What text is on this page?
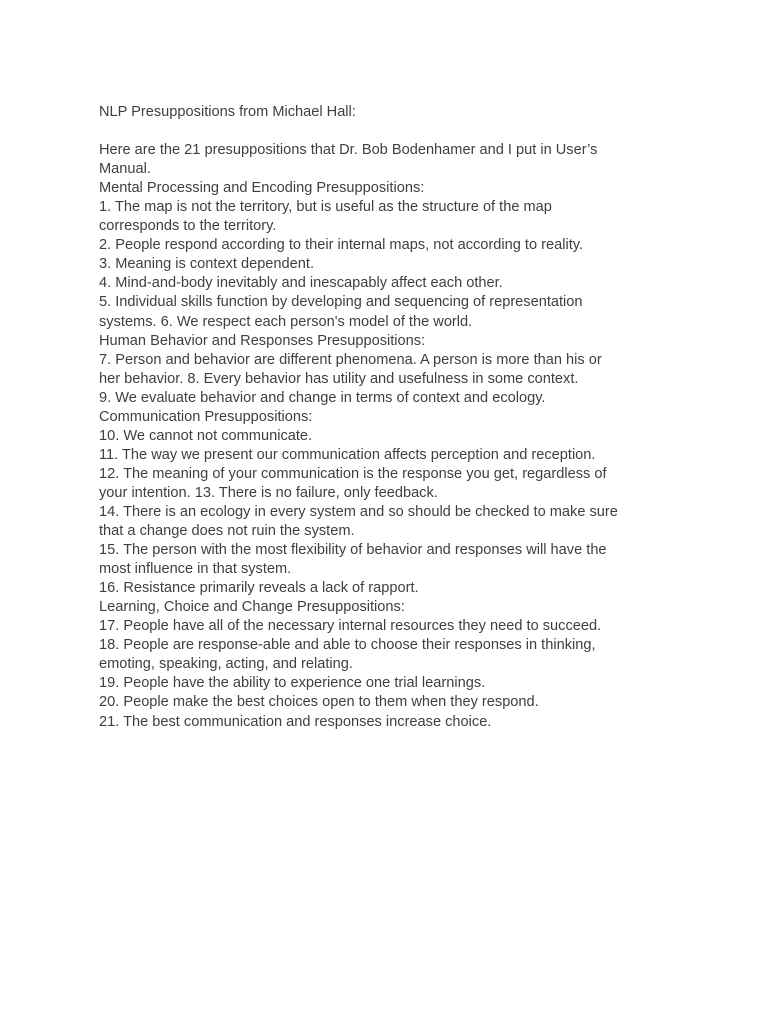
NLP Presuppositions from Michael Hall:
Here are the 21 presuppositions that Dr. Bob Bodenhamer and I put in User’s
Manual.
Mental Processing and Encoding Presuppositions:
1. The map is not the territory, but is useful as the structure of the map
corresponds to the territory.
2. People respond according to their internal maps, not according to reality.
3. Meaning is context dependent.
4. Mind-and-body inevitably and inescapably affect each other.
5. Individual skills function by developing and sequencing of representation
systems. 6. We respect each person's model of the world.
Human Behavior and Responses Presuppositions:
7. Person and behavior are different phenomena. A person is more than his or
her behavior. 8. Every behavior has utility and usefulness in some context.
9. We evaluate behavior and change in terms of context and ecology.
Communication Presuppositions:
10. We cannot not communicate.
11. The way we present our communication affects perception and reception.
12. The meaning of your communication is the response you get, regardless of
your intention. 13. There is no failure, only feedback.
14. There is an ecology in every system and so should be checked to make sure
that a change does not ruin the system.
15. The person with the most flexibility of behavior and responses will have the
most influence in that system.
16. Resistance primarily reveals a lack of rapport.
Learning, Choice and Change Presuppositions:
17. People have all of the necessary internal resources they need to succeed.
18. People are response-able and able to choose their responses in thinking,
emoting, speaking, acting, and relating.
19. People have the ability to experience one trial learnings.
20. People make the best choices open to them when they respond.
21. The best communication and responses increase choice.
